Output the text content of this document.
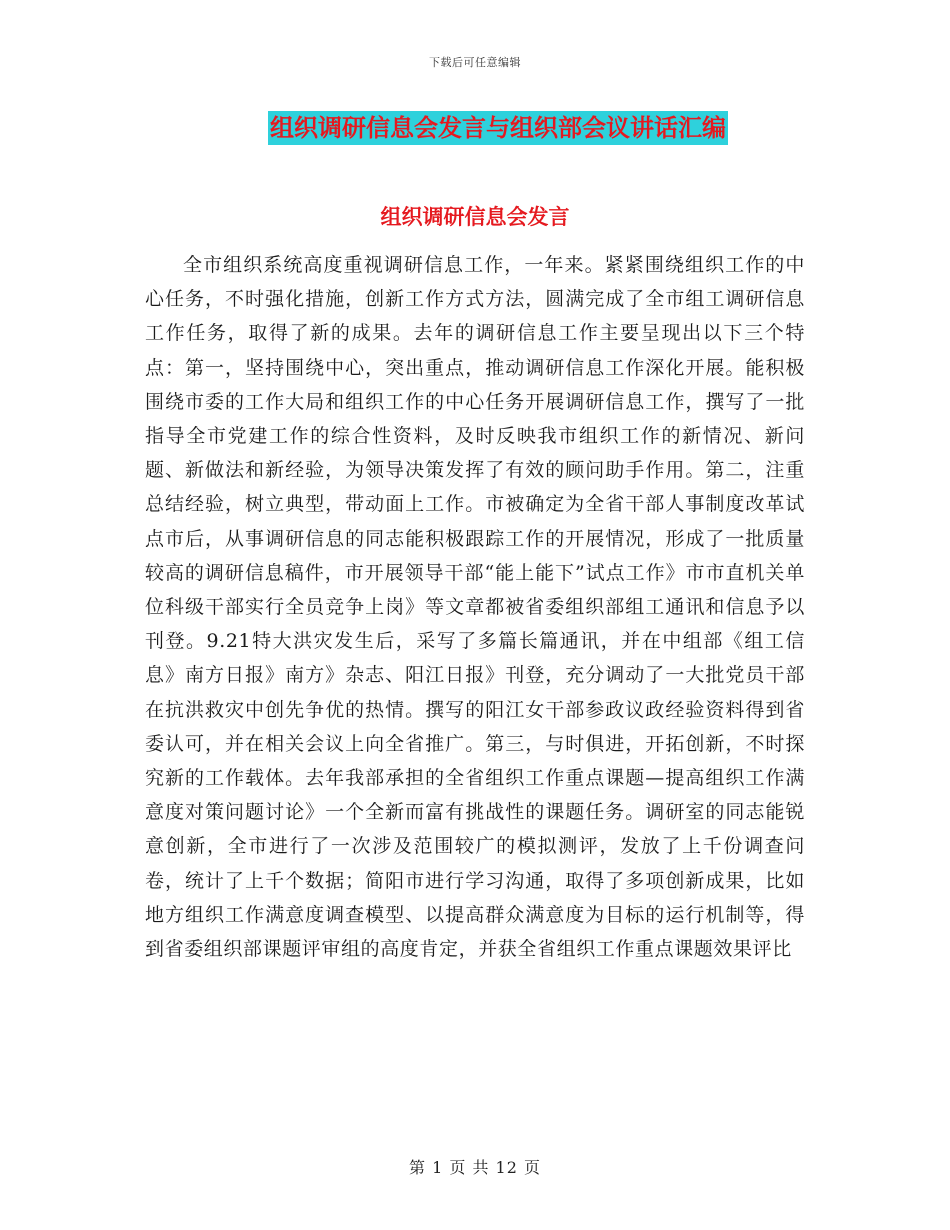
下载后可任意编辑
组织调研信息会发言与组织部会议讲话汇编
组织调研信息会发言

全市组织系统高度重视调研信息工作，一年来。紧紧围绕组织工作的中心任务，不时强化措施，创新工作方式方法，圆满完成了全市组工调研信息工作任务，取得了新的成果。去年的调研信息工作主要呈现出以下三个特点：第一，坚持围绕中心，突出重点，推动调研信息工作深化开展。能积极围绕市委的工作大局和组织工作的中心任务开展调研信息工作，撰写了一批指导全市党建工作的综合性资料，及时反映我市组织工作的新情况、新问题、新做法和新经验，为领导决策发挥了有效的顾问助手作用。第二，注重总结经验，树立典型，带动面上工作。市被确定为全省干部人事制度改革试点市后，从事调研信息的同志能积极跟踪工作的开展情况，形成了一批质量较高的调研信息稿件，市开展领导干部“能上能下”试点工作》市市直机关单位科级干部实行全员竞争上岗》等文章都被省委组织部组工通讯和信息予以刊登。9.21特大洪灾发生后，采写了多篇长篇通讯，并在中组部《组工信息》南方日报》南方》杂志、阳江日报》刊登，充分调动了一大批党员干部在抗洪救灾中创先争优的热情。撰写的阳江女干部参政议政经验资料得到省委认可，并在相关会议上向全省推广。第三，与时俱进，开拓创新，不时探究新的工作载体。去年我部承担的全省组织工作重点课题—提高组织工作满意度对策问题讨论》一个全新而富有挑战性的课题任务。调研室的同志能锐意创新，全市进行了一次涉及范围较广的模拟测评，发放了上千份调查问卷，统计了上千个数据；简阳市进行学习沟通，取得了多项创新成果，比如地方组织工作满意度调查模型、以提高群众满意度为目标的运行机制等，得到省委组织部课题评审组的高度肯定，并获全省组织工作重点课题效果评比

第 1 页 共 12 页
